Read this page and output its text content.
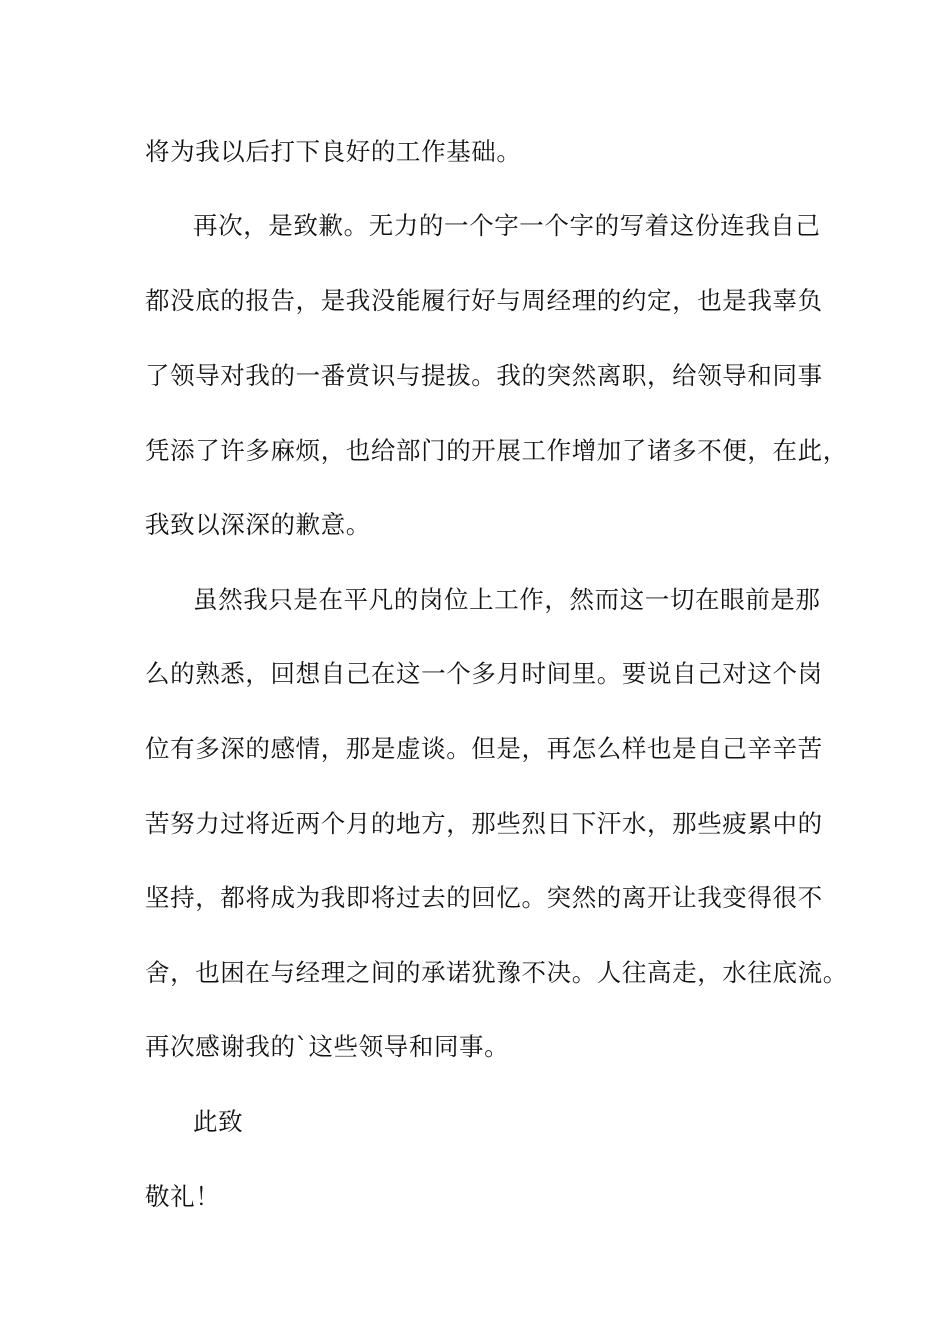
将为我以后打下良好的工作基础。
再次，是致歉。无力的一个字一个字的写着这份连我自己
都没底的报告，是我没能履行好与周经理的约定，也是我辜负
了领导对我的一番赏识与提拔。我的突然离职，给领导和同事
凭添了许多麻烦，也给部门的开展工作增加了诸多不便，在此，
我致以深深的歉意。
虽然我只是在平凡的岗位上工作，然而这一切在眼前是那
么的熟悉，回想自己在这一个多月时间里。要说自己对这个岗
位有多深的感情，那是虚谈。但是，再怎么样也是自己辛辛苦
苦努力过将近两个月的地方，那些烈日下汗水，那些疲累中的
坚持，都将成为我即将过去的回忆。突然的离开让我变得很不
舍，也困在与经理之间的承诺犹豫不决。人往高走，水往底流。
再次感谢我的`这些领导和同事。
此致
敬礼！
